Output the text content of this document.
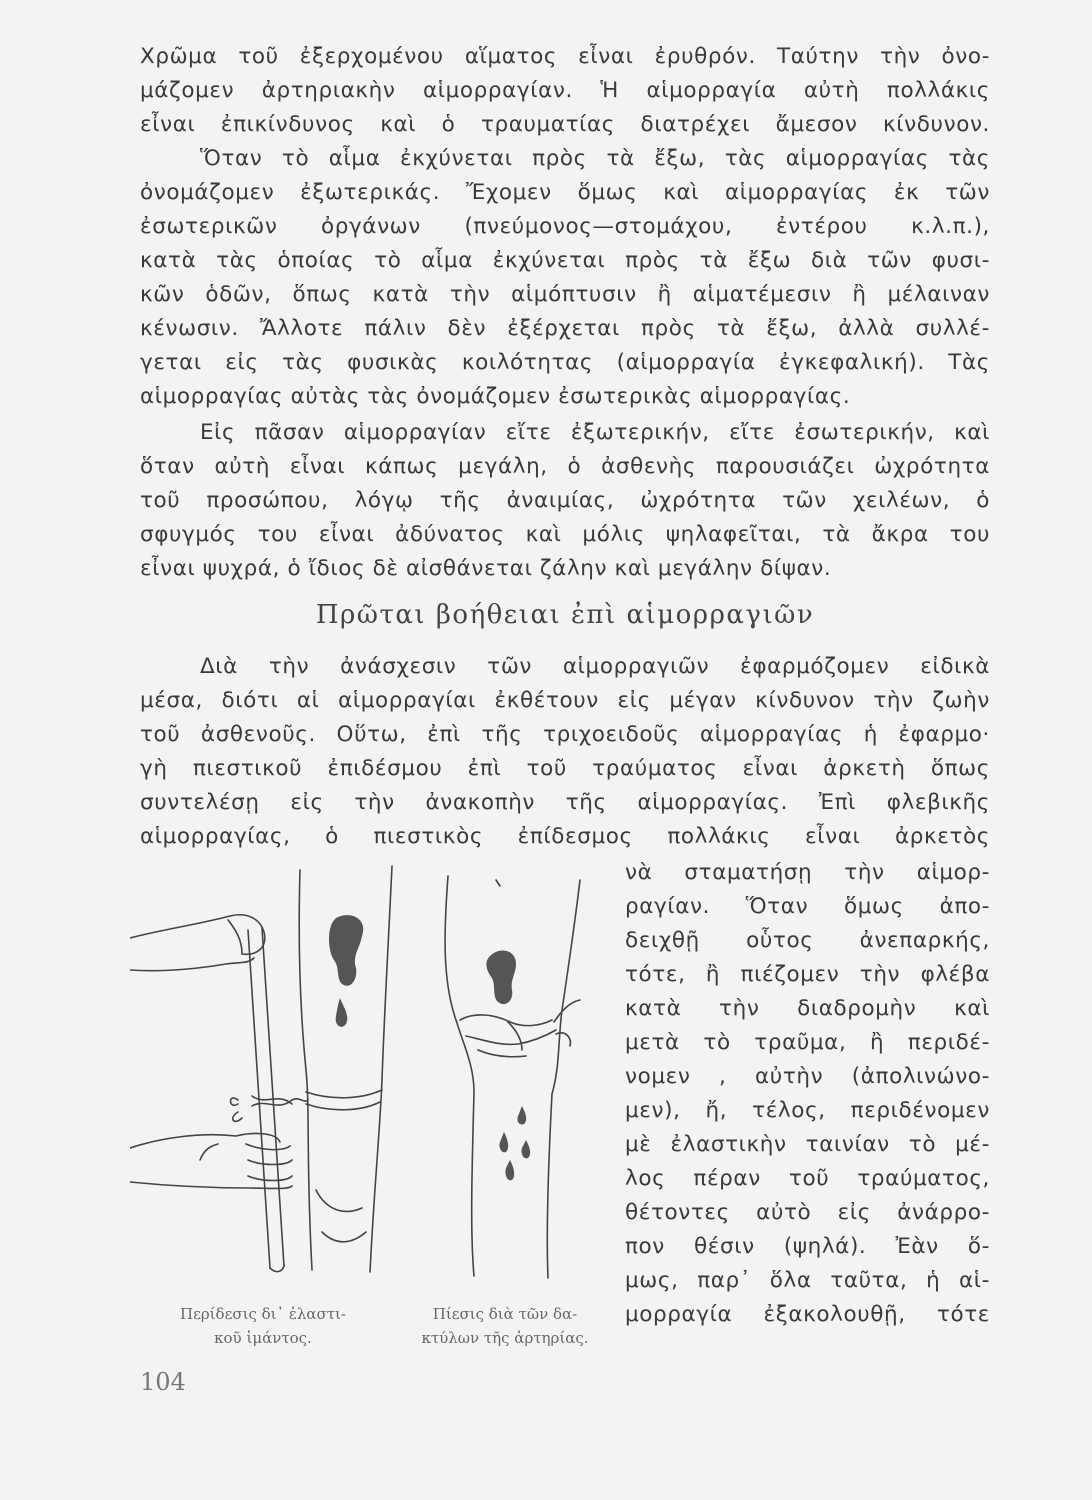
Χρῶμα τοῦ ἐξερχομένου αἵματος εἶναι ἐρυθρόν. Ταύτην τὴν ὀνο-
μάζομεν ἀρτηριακὴν αἱμορραγίαν. Ἡ αἱμορραγία αὐτὴ πολλάκις
εἶναι ἐπικίνδυνος καὶ ὁ τραυματίας διατρέχει ἄμεσον κίνδυνον.
Ὅταν τὸ αἷμα ἐκχύνεται πρὸς τὰ ἔξω, τὰς αἱμορραγίας τὰς
ὀνομάζομεν ἐξωτερικάς. Ἔχομεν ὅμως καὶ αἱμορραγίας ἐκ τῶν
ἐσωτερικῶν ὀργάνων (πνεύμονος—στομάχου, ἐντέρου κ.λ.π.),
κατὰ τὰς ὁποίας τὸ αἷμα ἐκχύνεται πρὸς τὰ ἔξω διὰ τῶν φυσι-
κῶν ὁδῶν, ὅπως κατὰ τὴν αἱμόπτυσιν ἢ αἱματέμεσιν ἢ μέλαιναν
κένωσιν. Ἄλλοτε πάλιν δὲν ἐξέρχεται πρὸς τὰ ἔξω, ἀλλὰ συλλέ-
γεται εἰς τὰς φυσικὰς κοιλότητας (αἱμορραγία ἐγκεφαλική). Τὰς
αἱμορραγίας αὐτὰς τὰς ὀνομάζομεν ἐσωτερικὰς αἱμορραγίας.
Εἰς πᾶσαν αἱμορραγίαν εἴτε ἐξωτερικήν, εἴτε ἐσωτερικήν, καὶ
ὅταν αὐτὴ εἶναι κάπως μεγάλη, ὁ ἀσθενὴς παρουσιάζει ὠχρότητα
τοῦ προσώπου, λόγῳ τῆς ἀναιμίας, ὠχρότητα τῶν χειλέων, ὁ
σφυγμός του εἶναι ἀδύνατος καὶ μόλις ψηλαφεῖται, τὰ ἄκρα του
εἶναι ψυχρά, ὁ ἴδιος δὲ αἰσθάνεται ζάλην καὶ μεγάλην δίψαν.
Πρῶται βοήθειαι ἐπὶ αἱμορραγιῶν
Διὰ τὴν ἀνάσχεσιν τῶν αἱμορραγιῶν ἐφαρμόζομεν εἰδικὰ
μέσα, διότι αἱ αἱμορραγίαι ἐκθέτουν εἰς μέγαν κίνδυνον τὴν ζωὴν
τοῦ ἀσθενοῦς. Οὕτω, ἐπὶ τῆς τριχοειδοῦς αἱμορραγίας ἡ ἐφαρμο·
γὴ πιεστικοῦ ἐπιδέσμου ἐπὶ τοῦ τραύματος εἶναι ἀρκετὴ ὅπως
συντελέσῃ εἰς τὴν ἀνακοπὴν τῆς αἱμορραγίας. Ἐπὶ φλεβικῆς
αἱμορραγίας, ὁ πιεστικὸς ἐπίδεσμος πολλάκις εἶναι ἀρκετὸς
νὰ σταματήσῃ τὴν αἱμορ-
ραγίαν. Ὅταν ὅμως ἀπο-
δειχθῇ οὗτος ἀνεπαρκής,
τότε, ἢ πιέζομεν τὴν φλέβα
κατὰ τὴν διαδρομὴν καὶ
μετὰ τὸ τραῦμα, ἢ περιδέ-
νομεν , αὐτὴν (ἀπολινώνο-
μεν), ἤ, τέλος, περιδένομεν
μὲ ἐλαστικὴν ταινίαν τὸ μέ-
λος πέραν τοῦ τραύματος,
θέτοντες αὐτὸ εἰς ἀνάρρο-
πον θέσιν (ψηλά). Ἐὰν ὅ-
μως, παρ᾽ ὅλα ταῦτα, ἡ αἱ-
μορραγία ἐξακολουθῇ, τότε
Περίδεσις δι᾽ ἐλαστι-
κοῦ ἱμάντος.
Πίεσις διὰ τῶν δα-
κτύλων τῆς ἀρτηρίας.
104
